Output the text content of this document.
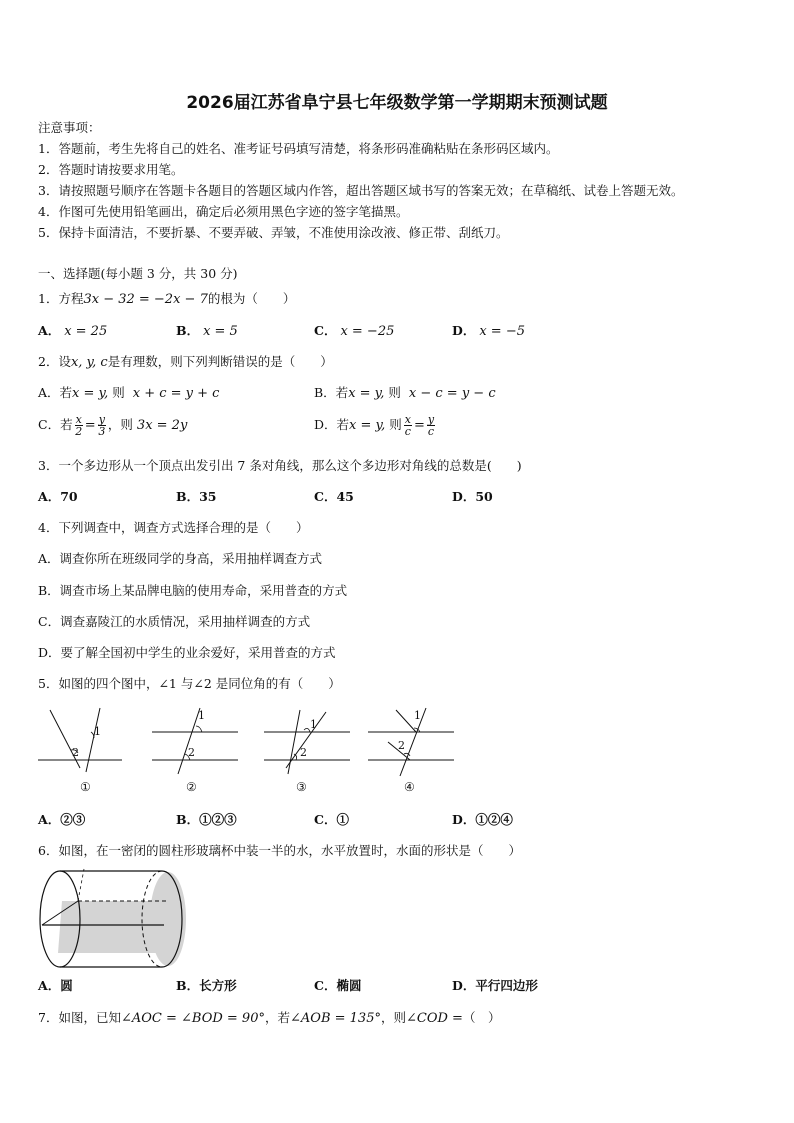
2026届江苏省阜宁县七年级数学第一学期期末预测试题
注意事项：
1．答题前，考生先将自己的姓名、准考证号码填写清楚，将条形码准确粘贴在条形码区域内。
2．答题时请按要求用笔。
3．请按照题号顺序在答题卡各题目的答题区域内作答，超出答题区域书写的答案无效；在草稿纸、试卷上答题无效。
4．作图可先使用铅笔画出，确定后必须用黑色字迹的签字笔描黑。
5．保持卡面清洁，不要折暴、不要弄破、弄皱，不准使用涂改液、修正带、刮纸刀。
一、选择题(每小题 3 分，共 30 分)
1．方程3x − 32 = −2x − 7的根为（　　）
A． x = 25	B． x = 5	C． x = −25	D． x = −5
2．设x, y, c是有理数，则下列判断错误的是（　　）
A．若x = y, 则 x + c = y + c	B．若x = y, 则 x − c = y − c
C．若 $\frac{x}{2} = \frac{y}{3}$ ，则 3x = 2y	D．若x = y, 则 $\frac{x}{c} = \frac{y}{c}$
3．一个多边形从一个顶点出发引出 7 条对角线，那么这个多边形对角线的总数是(　　)
A．70	B．35	C．45	D．50
4．下列调查中，调查方式选择合理的是（　　）
A．调查你所在班级同学的身高，采用抽样调查方式
B．调查市场上某品牌电脑的使用寿命，采用普查的方式
C．调查嘉陵江的水质情况，采用抽样调查的方式
D．要了解全国初中学生的业余爱好，采用普查的方式
5．如图的四个图中，∠1 与∠2 是同位角的有（　　）
1
2
①
1
2
②
1
2
③
1
2
④
A．②③	B．①②③	C．①	D．①②④
6．如图，在一密闭的圆柱形玻璃杯中装一半的水，水平放置时，水面的形状是（　　）
A．圆	B．长方形	C．椭圆	D．平行四边形
7．如图，已知∠AOC = ∠BOD = 90°，若∠AOB = 135°，则∠COD =（　）
